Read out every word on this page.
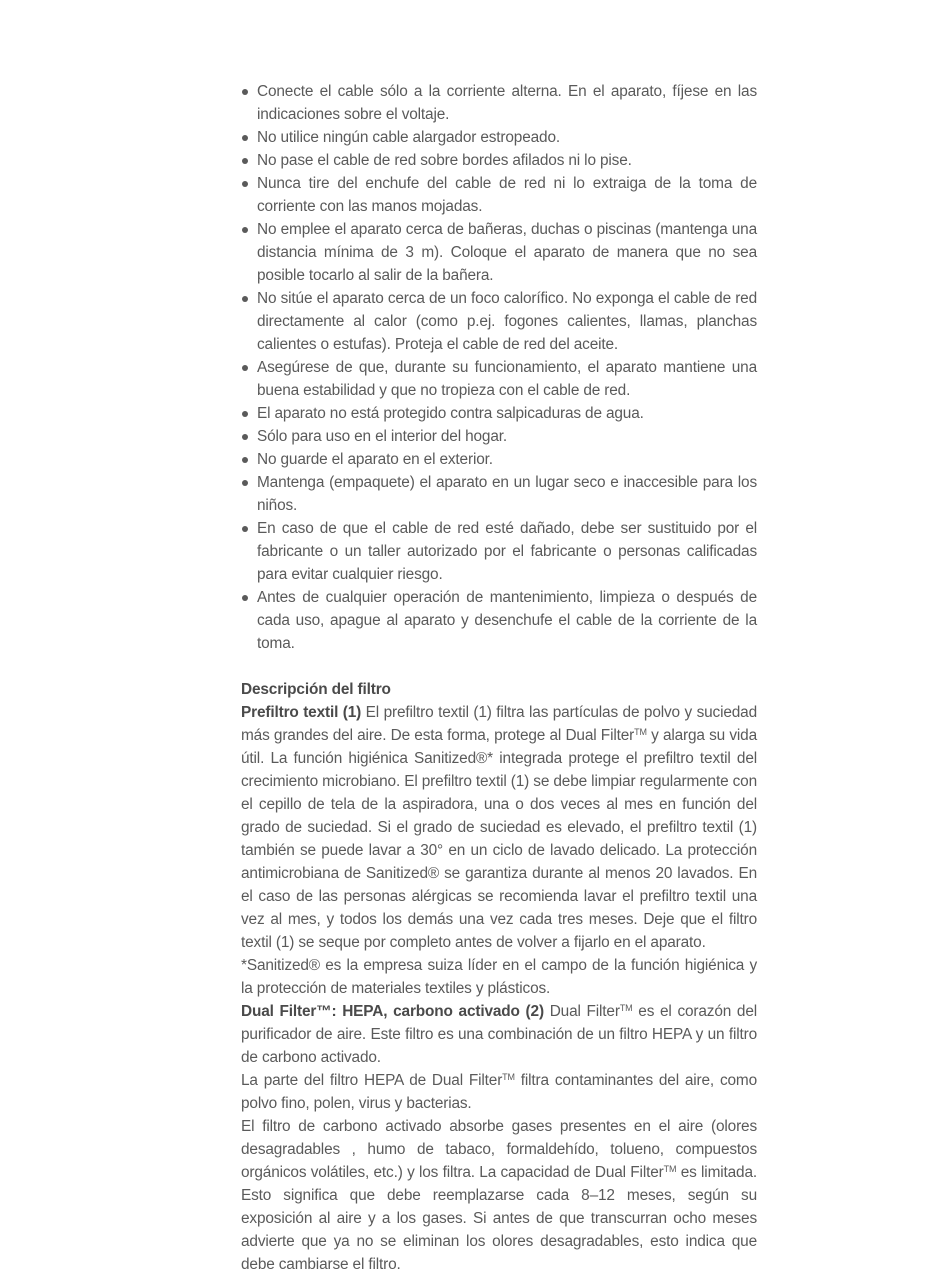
Conecte el cable sólo a la corriente alterna. En el aparato, fíjese en las indicaciones sobre el voltaje.
No utilice ningún cable alargador estropeado.
No pase el cable de red sobre bordes afilados ni lo pise.
Nunca tire del enchufe del cable de red ni lo extraiga de la toma de corriente con las manos mojadas.
No emplee el aparato cerca de bañeras, duchas o piscinas (mantenga una distancia mínima de 3 m). Coloque el aparato de manera que no sea posible tocarlo al salir de la bañera.
No sitúe el aparato cerca de un foco calorífico. No exponga el cable de red directamente al calor (como p.ej. fogones calientes, llamas, planchas calientes o estufas). Proteja el cable de red del aceite.
Asegúrese de que, durante su funcionamiento, el aparato mantiene una buena estabilidad y que no tropieza con el cable de red.
El aparato no está protegido contra salpicaduras de agua.
Sólo para uso en el interior del hogar.
No guarde el aparato en el exterior.
Mantenga (empaquete) el aparato en un lugar seco e inaccesible para los niños.
En caso de que el cable de red esté dañado, debe ser sustituido por el fabricante o un taller autorizado por el fabricante o personas calificadas para evitar cualquier riesgo.
Antes de cualquier operación de mantenimiento, limpieza o después de cada uso, apague al aparato y desenchufe el cable de la corriente de la toma.
Descripción del filtro

Prefiltro textil (1) El prefiltro textil (1) filtra las partículas de polvo y suciedad más grandes del aire. De esta forma, protege al Dual Filter™ y alarga su vida útil. La función higiénica Sanitized®* integrada protege el prefiltro textil del crecimiento microbiano. El prefiltro textil (1) se debe limpiar regularmente con el cepillo de tela de la aspiradora, una o dos veces al mes en función del grado de suciedad. Si el grado de suciedad es elevado, el prefiltro textil (1) también se puede lavar a 30° en un ciclo de lavado delicado. La protección antimicrobiana de Sanitized® se garantiza durante al menos 20 lavados. En el caso de las personas alérgicas se recomienda lavar el prefiltro textil una vez al mes, y todos los demás una vez cada tres meses. Deje que el filtro textil (1) se seque por completo antes de volver a fijarlo en el aparato.

*Sanitized® es la empresa suiza líder en el campo de la función higiénica y la protección de materiales textiles y plásticos.

Dual Filter™: HEPA, carbono activado (2) Dual Filter™ es el corazón del purificador de aire. Este filtro es una combinación de un filtro HEPA y un filtro de carbono activado.

La parte del filtro HEPA de Dual Filter™ filtra contaminantes del aire, como polvo fino, polen, virus y bacterias.

El filtro de carbono activado absorbe gases presentes en el aire (olores desagradables , humo de tabaco, formaldehído, tolueno, compuestos orgánicos volátiles, etc.) y los filtra. La capacidad de Dual Filter™ es limitada. Esto significa que debe reemplazarse cada 8–12 meses, según su exposición al aire y a los gases. Si antes de que transcurran ocho meses advierte que ya no se eliminan los olores desagradables, esto indica que debe cambiarse el filtro.
